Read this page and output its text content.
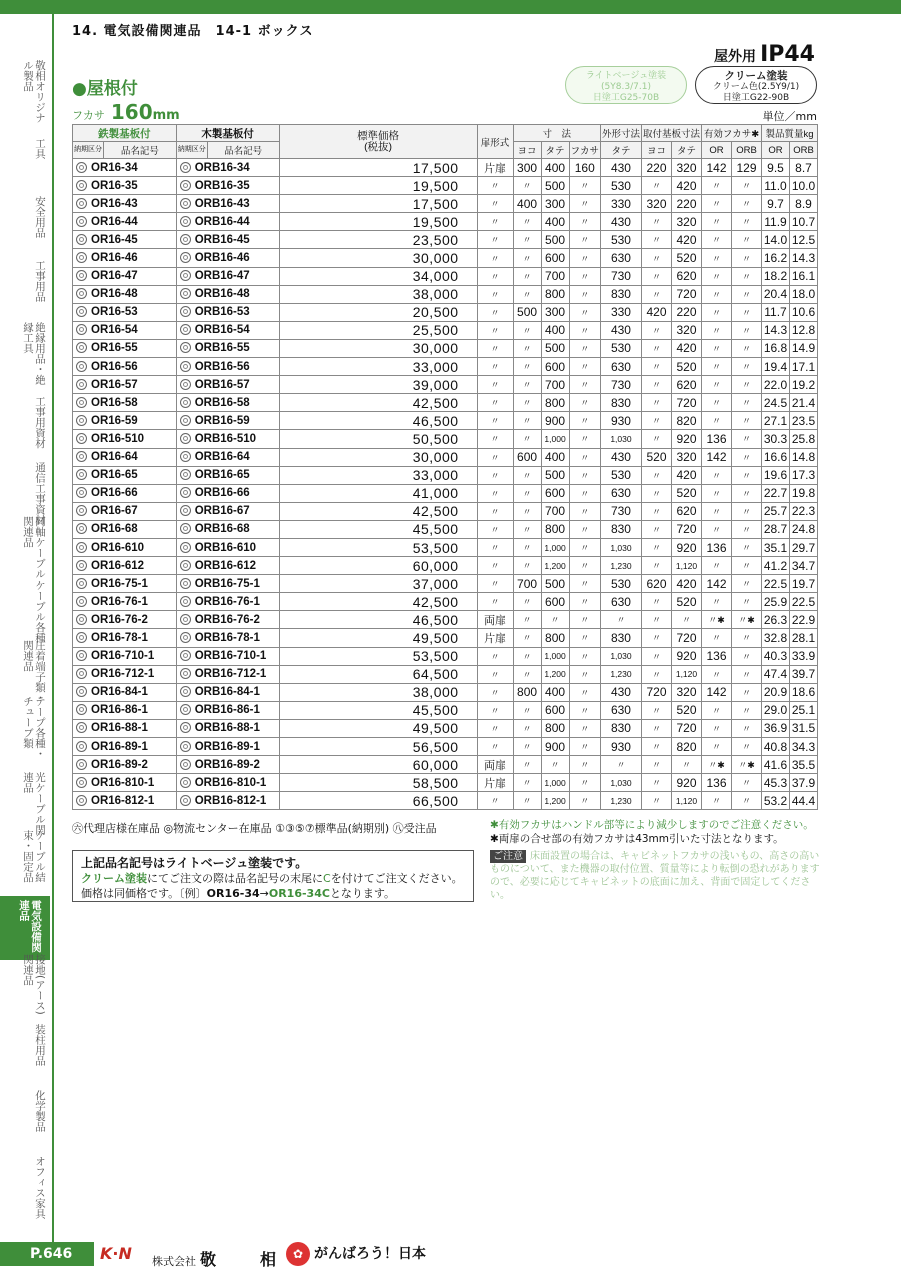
14. 電気設備関連品　14-1 ボックス
敬相オリジナル製品
工具
安全用品
工事用品
絶縁用品・絶縁工具
工事用資材
通信工事資材
同軸ケーブル関連品
ケーブル各種
圧着端子類・関連品
テープ各種・チューブ類
光ケーブル関連品
ケーブル結束・固定品
電気設備関連品
接地(アース)関連品
装柱用品
化学製品
オフィス家具
屋外用 IP44
●屋根付
フカサ 160mm
ライトベージュ塗装
(5Y8.3/7.1)
日塗工G25-70B
クリーム塗装
クリーム色(2.5Y9/1)
日塗工G22-90B
単位／mm
鉄製基板付		木製基板付		標準価格
(税抜)	扉形式	寸　法			外形寸法	取付基板寸法		有効フカサ✱		製品質量kg	
納期区分	品名記号	納期区分	品名記号			ヨコ	タテ	フカサ	タテ	ヨコ	タテ	OR	ORB	OR	ORB
OR16-34		ORB16-34		17,500	片扉	300	400	160	430	220	320	142	129	9.5	8.7
OR16-35		ORB16-35		19,500	〃	〃	500	〃	530	〃	420	〃	〃	11.0	10.0
OR16-43		ORB16-43		17,500	〃	400	300	〃	330	320	220	〃	〃	9.7	8.9
OR16-44		ORB16-44		19,500	〃	〃	400	〃	430	〃	320	〃	〃	11.9	10.7
OR16-45		ORB16-45		23,500	〃	〃	500	〃	530	〃	420	〃	〃	14.0	12.5
OR16-46		ORB16-46		30,000	〃	〃	600	〃	630	〃	520	〃	〃	16.2	14.3
OR16-47		ORB16-47		34,000	〃	〃	700	〃	730	〃	620	〃	〃	18.2	16.1
OR16-48		ORB16-48		38,000	〃	〃	800	〃	830	〃	720	〃	〃	20.4	18.0
OR16-53		ORB16-53		20,500	〃	500	300	〃	330	420	220	〃	〃	11.7	10.6
OR16-54		ORB16-54		25,500	〃	〃	400	〃	430	〃	320	〃	〃	14.3	12.8
OR16-55		ORB16-55		30,000	〃	〃	500	〃	530	〃	420	〃	〃	16.8	14.9
OR16-56		ORB16-56		33,000	〃	〃	600	〃	630	〃	520	〃	〃	19.4	17.1
OR16-57		ORB16-57		39,000	〃	〃	700	〃	730	〃	620	〃	〃	22.0	19.2
OR16-58		ORB16-58		42,500	〃	〃	800	〃	830	〃	720	〃	〃	24.5	21.4
OR16-59		ORB16-59		46,500	〃	〃	900	〃	930	〃	820	〃	〃	27.1	23.5
OR16-510		ORB16-510		50,500	〃	〃	1,000	〃	1,030	〃	920	136	〃	30.3	25.8
OR16-64		ORB16-64		30,000	〃	600	400	〃	430	520	320	142	〃	16.6	14.8
OR16-65		ORB16-65		33,000	〃	〃	500	〃	530	〃	420	〃	〃	19.6	17.3
OR16-66		ORB16-66		41,000	〃	〃	600	〃	630	〃	520	〃	〃	22.7	19.8
OR16-67		ORB16-67		42,500	〃	〃	700	〃	730	〃	620	〃	〃	25.7	22.3
OR16-68		ORB16-68		45,500	〃	〃	800	〃	830	〃	720	〃	〃	28.7	24.8
OR16-610		ORB16-610		53,500	〃	〃	1,000	〃	1,030	〃	920	136	〃	35.1	29.7
OR16-612		ORB16-612		60,000	〃	〃	1,200	〃	1,230	〃	1,120	〃	〃	41.2	34.7
OR16-75-1		ORB16-75-1		37,000	〃	700	500	〃	530	620	420	142	〃	22.5	19.7
OR16-76-1		ORB16-76-1		42,500	〃	〃	600	〃	630	〃	520	〃	〃	25.9	22.5
OR16-76-2		ORB16-76-2		46,500	両扉	〃	〃	〃	〃	〃	〃	〃✱	〃✱	26.3	22.9
OR16-78-1		ORB16-78-1		49,500	片扉	〃	800	〃	830	〃	720	〃	〃	32.8	28.1
OR16-710-1		ORB16-710-1		53,500	〃	〃	1,000	〃	1,030	〃	920	136	〃	40.3	33.9
OR16-712-1		ORB16-712-1		64,500	〃	〃	1,200	〃	1,230	〃	1,120	〃	〃	47.4	39.7
OR16-84-1		ORB16-84-1		38,000	〃	800	400	〃	430	720	320	142	〃	20.9	18.6
OR16-86-1		ORB16-86-1		45,500	〃	〃	600	〃	630	〃	520	〃	〃	29.0	25.1
OR16-88-1		ORB16-88-1		49,500	〃	〃	800	〃	830	〃	720	〃	〃	36.9	31.5
OR16-89-1		ORB16-89-1		56,500	〃	〃	900	〃	930	〃	820	〃	〃	40.8	34.3
OR16-89-2		ORB16-89-2		60,000	両扉	〃	〃	〃	〃	〃	〃	〃✱	〃✱	41.6	35.5
OR16-810-1		ORB16-810-1		58,500	片扉	〃	1,000	〃	1,030	〃	920	136	〃	45.3	37.9
OR16-812-1		ORB16-812-1		66,500	〃	〃	1,200	〃	1,230	〃	1,120	〃	〃	53.2	44.4
㊅代理店様在庫品 ◎物流センター在庫品 ①③⑤⑦標準品(納期別) ㊇受注品	✱有効フカサはハンドル部等により減少しますのでご注意ください。
✱両扉の合せ部の有効フカサは43mm引いた寸法となります。
上記品名記号はライトベージュ塗装です。
クリーム塗装にてご注文の際は品名記号の末尾にCを付けてご注文ください。
価格は同価格です。〔例〕OR16-34→OR16-34Cとなります。
ご注意 床面設置の場合は、キャビネットフカサの浅いもの、高さの高いものについて、また機器の取付位置、質量等により転倒の恐れがありますので、必要に応じてキャビネットの底面に加え、背面で固定してください。
P.646	K∙N 株式会社 敬	相	✿ がんばろう！日本
